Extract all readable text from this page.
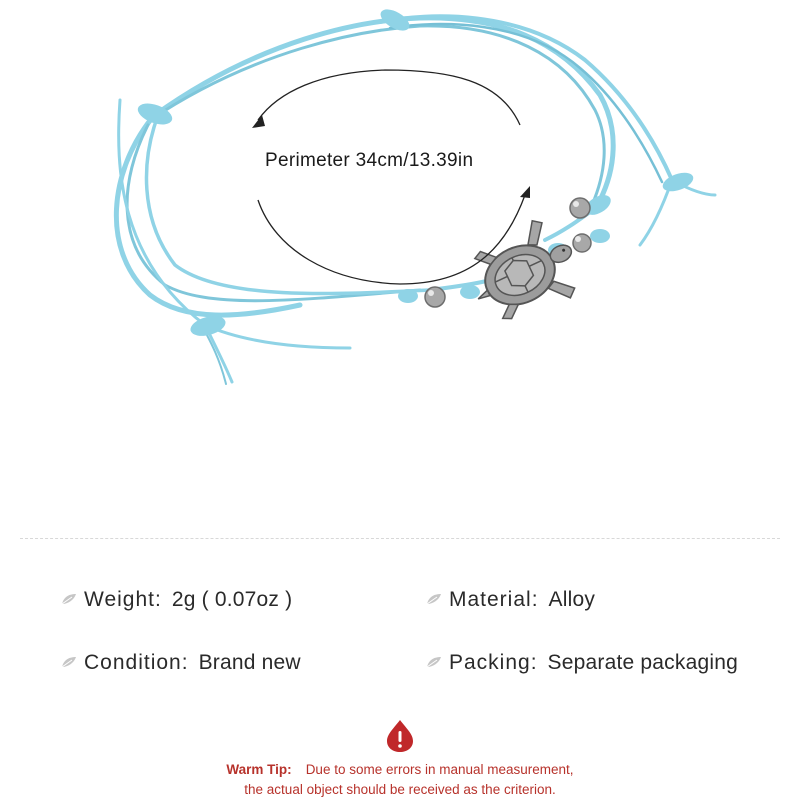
Perimeter 34cm/13.39in
Weight: 2g ( 0.07oz )	Material: Alloy
Condition: Brand new	Packing: Separate packaging
Warm Tip: Due to some errors in manual measurement,
the actual object should be received as the criterion.
